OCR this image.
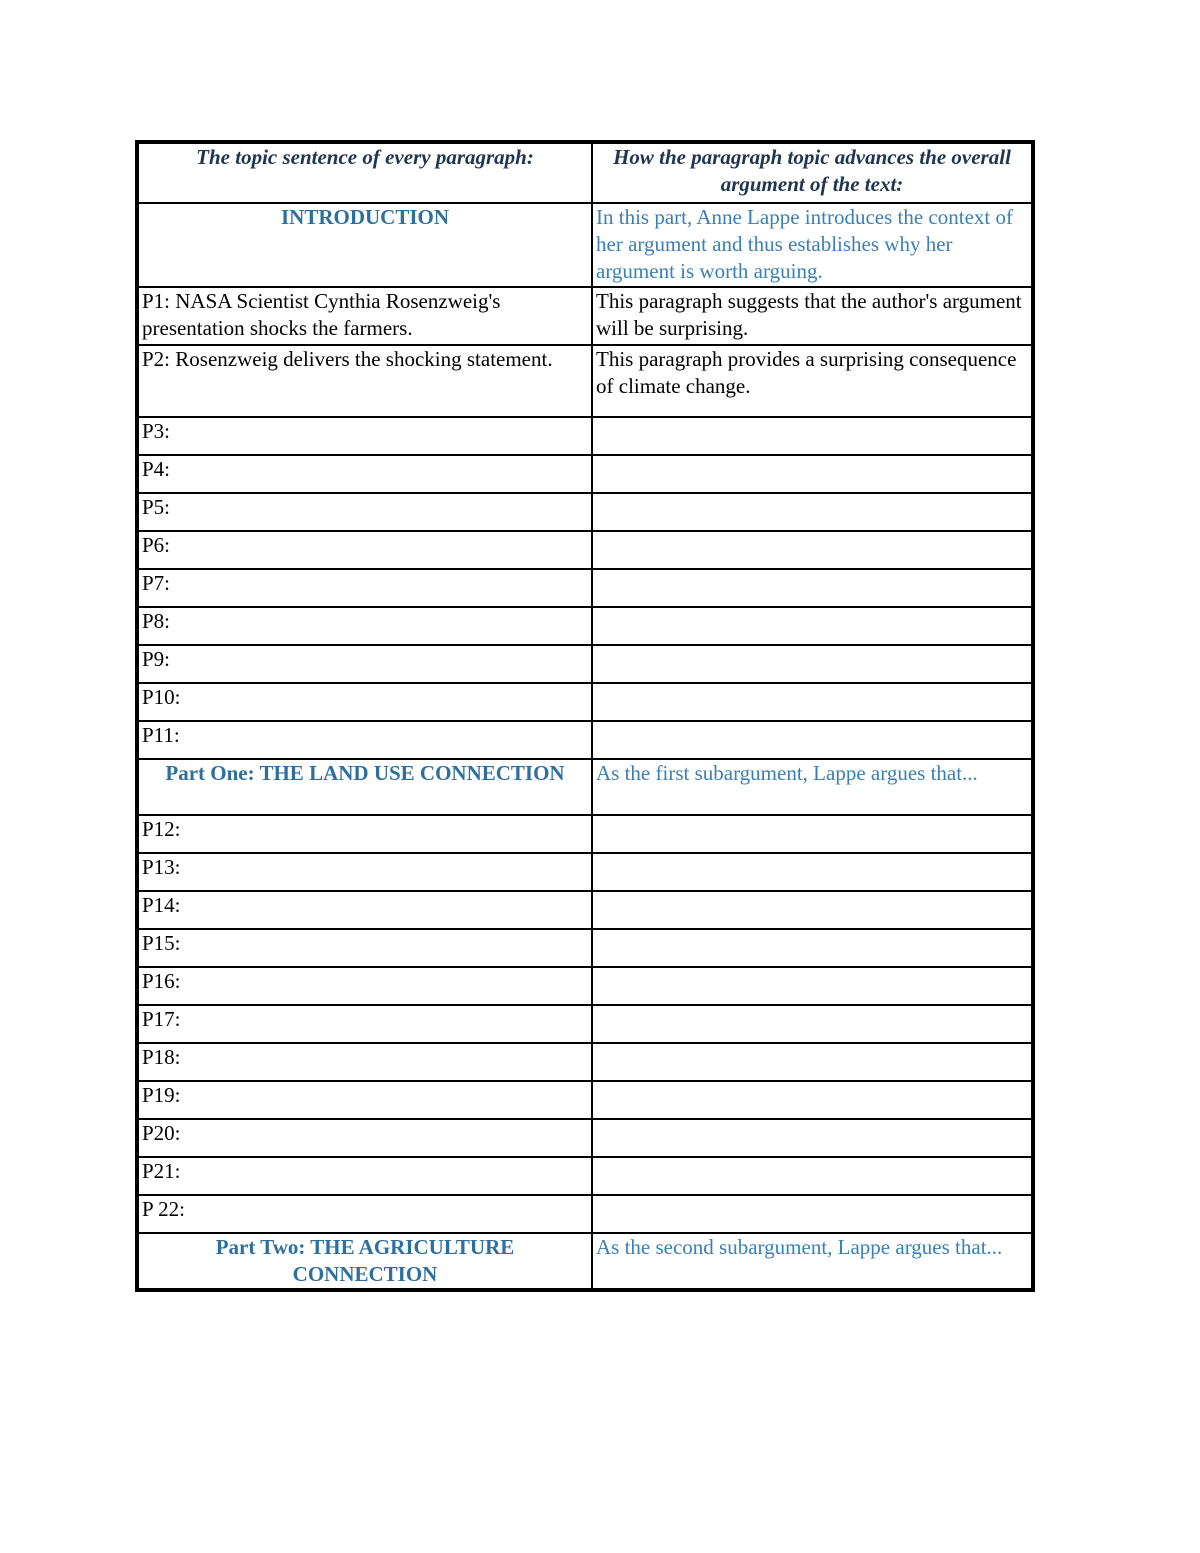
The topic sentence of every paragraph:	How the paragraph topic advances the overall argument of the text:
INTRODUCTION	In this part, Anne Lappe introduces the context of her argument and thus establishes why her argument is worth arguing.
P1: NASA Scientist Cynthia Rosenzweig's presentation shocks the farmers.	This paragraph suggests that the author's argument will be surprising.
P2: Rosenzweig delivers the shocking statement.	This paragraph provides a surprising consequence of climate change.
P3:	
P4:	
P5:	
P6:	
P7:	
P8:	
P9:	
P10:	
P11:	
Part One: THE LAND USE CONNECTION	As the first subargument, Lappe argues that...
P12:	
P13:	
P14:	
P15:	
P16:	
P17:	
P18:	
P19:	
P20:	
P21:	
P 22:	
Part Two: THE AGRICULTURE CONNECTION	As the second subargument, Lappe argues that...
